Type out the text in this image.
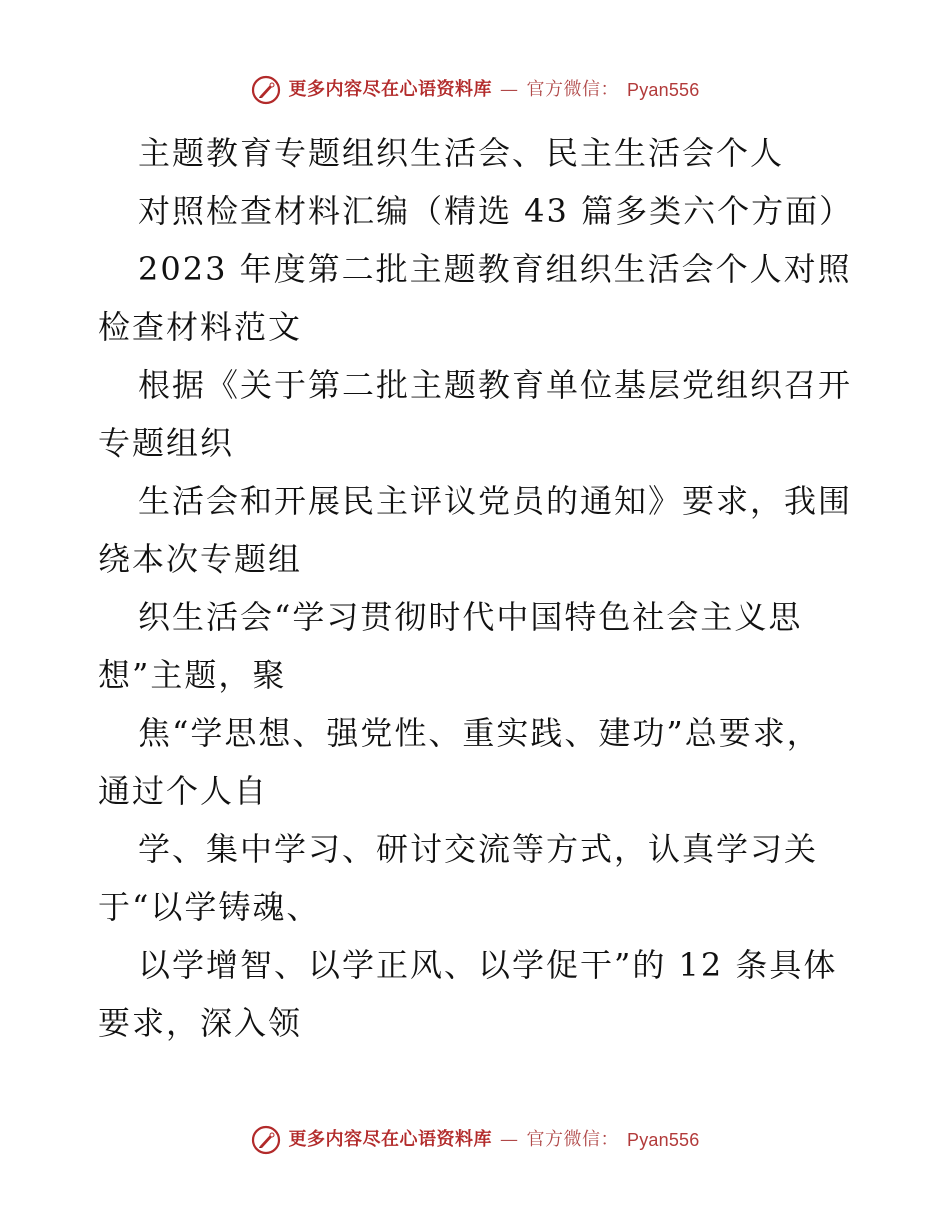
更多内容尽在心语资料库 — 官方微信： Pyan556
主题教育专题组织生活会、民主生活会个人
对照检查材料汇编（精选 43 篇多类六个方面）
2023 年度第二批主题教育组织生活会个人对照
检查材料范文
根据《关于第二批主题教育单位基层党组织召开
专题组织
生活会和开展民主评议党员的通知》要求，我围
绕本次专题组
织生活会“学习贯彻时代中国特色社会主义思
想”主题，聚
焦“学思想、强党性、重实践、建功”总要求，
通过个人自
学、集中学习、研讨交流等方式，认真学习关
于“以学铸魂、
以学增智、以学正风、以学促干”的 12 条具体
要求，深入领
更多内容尽在心语资料库 — 官方微信： Pyan556
